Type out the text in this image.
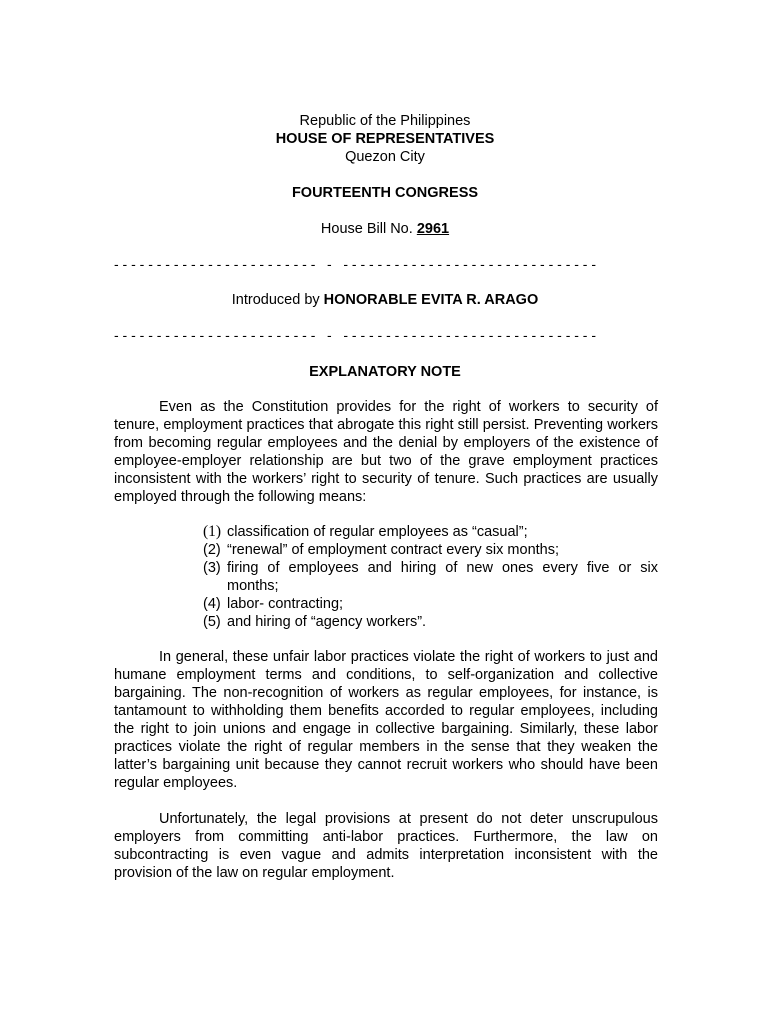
Republic of the Philippines
HOUSE OF REPRESENTATIVES
Quezon City
FOURTEENTH CONGRESS
House Bill No. 2961
- - - - - - - - - - - - - - - - - - - - - - - -   -   - - - - - - - - - - - - - - - - - - - - - - - - - - - - - -
Introduced by HONORABLE EVITA R. ARAGO
- - - - - - - - - - - - - - - - - - - - - - - -   -   - - - - - - - - - - - - - - - - - - - - - - - - - - - - - -
EXPLANATORY NOTE

Even as the Constitution provides for the right of workers to security of tenure, employment practices that abrogate this right still persist. Preventing workers from becoming regular employees and the denial by employers of the existence of employee-employer relationship are but two of the grave employment practices inconsistent with the workers’ right to security of tenure. Such practices are usually employed through the following means:

(1) classification of regular employees as “casual”;
(2) “renewal” of employment contract every six months;
(3) firing of employees and hiring of new ones every five or six months;
(4) labor- contracting;
(5) and hiring of “agency workers”.

In general, these unfair labor practices violate the right of workers to just and humane employment terms and conditions, to self-organization and collective bargaining. The non-recognition of workers as regular employees, for instance, is tantamount to withholding them benefits accorded to regular employees, including the right to join unions and engage in collective bargaining. Similarly, these labor practices violate the right of regular members in the sense that they weaken the latter’s bargaining unit because they cannot recruit workers who should have been regular employees.

Unfortunately, the legal provisions at present do not deter unscrupulous employers from committing anti-labor practices. Furthermore, the law on subcontracting is even vague and admits interpretation inconsistent with the provision of the law on regular employment.
